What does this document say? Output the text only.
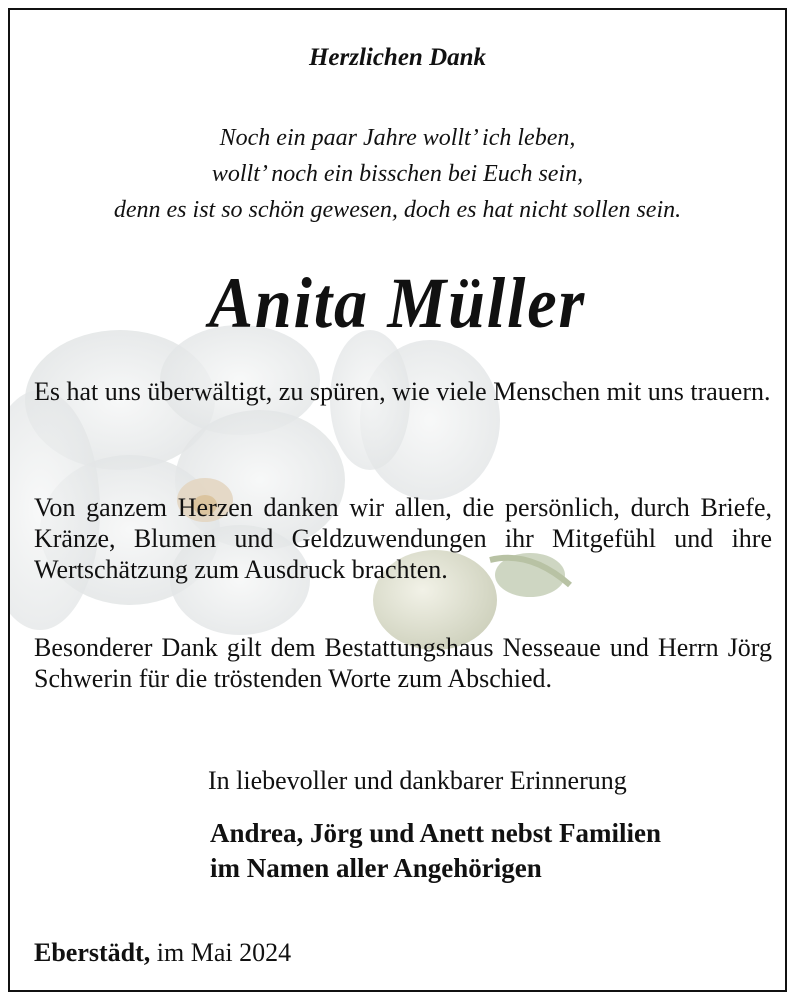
Herzlichen Dank
Noch ein paar Jahre wollt’ ich leben,
wollt’ noch ein bisschen bei Euch sein,
denn es ist so schön gewesen, doch es hat nicht sollen sein.
Anita Müller
Es hat uns überwältigt, zu spüren, wie viele Menschen mit uns trauern.
Von ganzem Herzen danken wir allen, die persönlich, durch Briefe, Kränze, Blumen und Geldzuwendungen ihr Mitgefühl und ihre Wertschätzung zum Ausdruck brachten.
Besonderer Dank gilt dem Bestattungshaus Nesseaue und Herrn Jörg Schwerin für die tröstenden Worte zum Abschied.
In liebevoller und dankbarer Erinnerung
Andrea, Jörg und Anett nebst Familien
im Namen aller Angehörigen
Eberstädt, im Mai 2024
